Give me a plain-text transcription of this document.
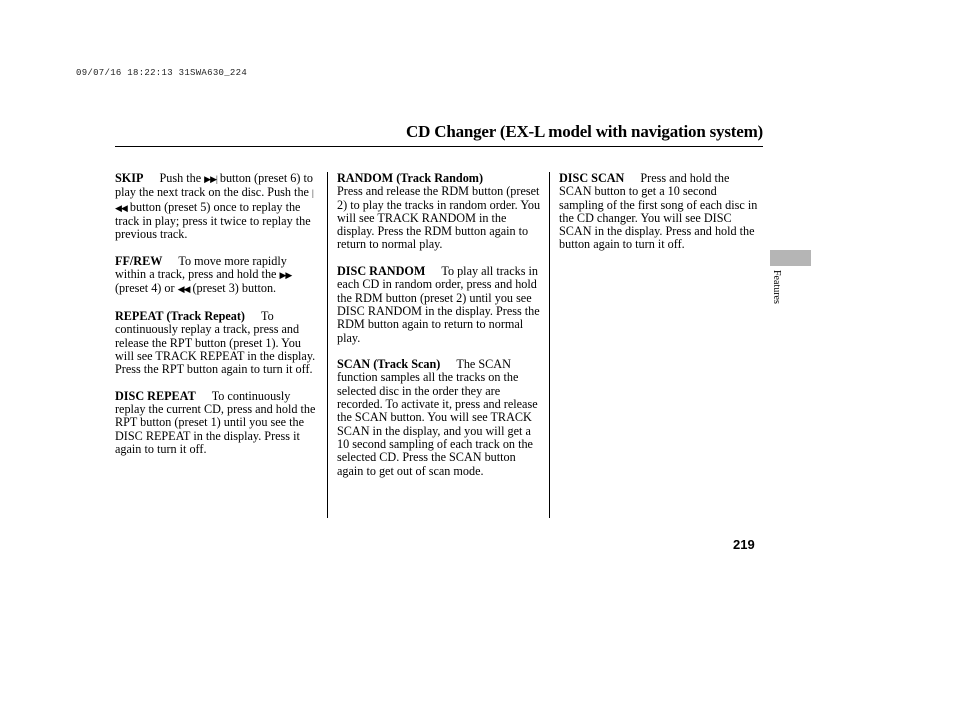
09/07/16 18:22:13 31SWA630_224
CD Changer (EX-L model with navigation system)

SKIP Push the ▶▶| button (preset 6) to play the next track on the disc. Push the |◀◀ button (preset 5) once to replay the track in play; press it twice to replay the previous track.

FF/REW To move more rapidly within a track, press and hold the ▶▶ (preset 4) or ◀◀ (preset 3) button.

REPEAT (Track Repeat) To continuously replay a track, press and release the RPT button (preset 1). You will see TRACK REPEAT in the display. Press the RPT button again to turn it off.

DISC REPEAT To continuously replay the current CD, press and hold the RPT button (preset 1) until you see the DISC REPEAT in the display. Press it again to turn it off.

RANDOM (Track Random)
Press and release the RDM button (preset 2) to play the tracks in random order. You will see TRACK RANDOM in the display. Press the RDM button again to return to normal play.

DISC RANDOM To play all tracks in each CD in random order, press and hold the RDM button (preset 2) until you see DISC RANDOM in the display. Press the RDM button again to return to normal play.

SCAN (Track Scan) The SCAN function samples all the tracks on the selected disc in the order they are recorded. To activate it, press and release the SCAN button. You will see TRACK SCAN in the display, and you will get a 10 second sampling of each track on the selected CD. Press the SCAN button again to get out of scan mode.

DISC SCAN Press and hold the SCAN button to get a 10 second sampling of the first song of each disc in the CD changer. You will see DISC SCAN in the display. Press and hold the button again to turn it off.

Features
219
